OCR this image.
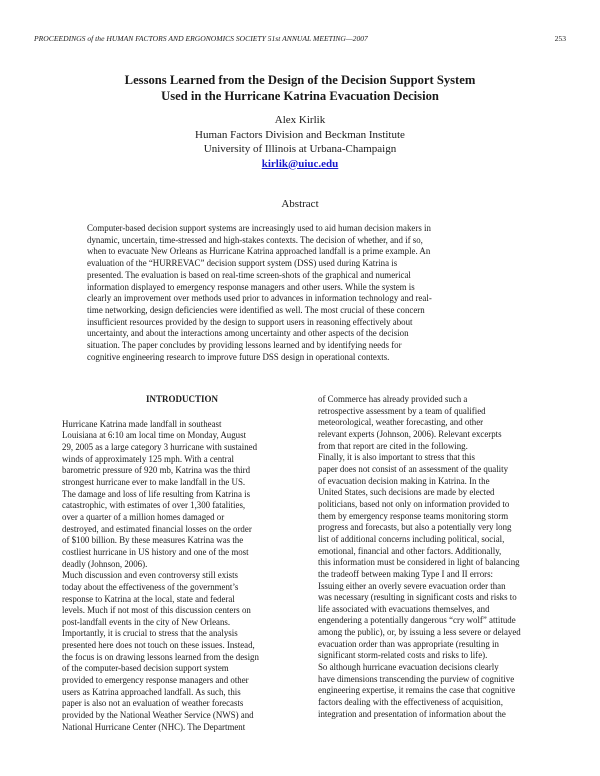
PROCEEDINGS of the HUMAN FACTORS AND ERGONOMICS SOCIETY 51st ANNUAL MEETING—2007	253
Lessons Learned from the Design of the Decision Support System
Used in the Hurricane Katrina Evacuation Decision
Alex Kirlik
Human Factors Division and Beckman Institute
University of Illinois at Urbana-Champaign
kirlik@uiuc.edu
Abstract
Computer-based decision support systems are increasingly used to aid human decision makers in
dynamic, uncertain, time-stressed and high-stakes contexts. The decision of whether, and if so,
when to evacuate New Orleans as Hurricane Katrina approached landfall is a prime example. An
evaluation of the “HURREVAC” decision support system (DSS) used during Katrina is
presented. The evaluation is based on real-time screen-shots of the graphical and numerical
information displayed to emergency response managers and other users. While the system is
clearly an improvement over methods used prior to advances in information technology and real-
time networking, design deficiencies were identified as well. The most crucial of these concern
insufficient resources provided by the design to support users in reasoning effectively about
uncertainty, and about the interactions among uncertainty and other aspects of the decision
situation. The paper concludes by providing lessons learned and by identifying needs for
cognitive engineering research to improve future DSS design in operational contexts.
INTRODUCTION
Hurricane Katrina made landfall in southeast
Louisiana at 6:10 am local time on Monday, August
29, 2005 as a large category 3 hurricane with sustained
winds of approximately 125 mph. With a central
barometric pressure of 920 mb, Katrina was the third
strongest hurricane ever to make landfall in the US.
The damage and loss of life resulting from Katrina is
catastrophic, with estimates of over 1,300 fatalities,
over a quarter of a million homes damaged or
destroyed, and estimated financial losses on the order
of $100 billion. By these measures Katrina was the
costliest hurricane in US history and one of the most
deadly (Johnson, 2006).
Much discussion and even controversy still exists
today about the effectiveness of the government’s
response to Katrina at the local, state and federal
levels. Much if not most of this discussion centers on
post-landfall events in the city of New Orleans.
Importantly, it is crucial to stress that the analysis
presented here does not touch on these issues. Instead,
the focus is on drawing lessons learned from the design
of the computer-based decision support system
provided to emergency response managers and other
users as Katrina approached landfall. As such, this
paper is also not an evaluation of weather forecasts
provided by the National Weather Service (NWS) and
National Hurricane Center (NHC). The Department
of Commerce has already provided such a
retrospective assessment by a team of qualified
meteorological, weather forecasting, and other
relevant experts (Johnson, 2006). Relevant excerpts
from that report are cited in the following.
Finally, it is also important to stress that this
paper does not consist of an assessment of the quality
of evacuation decision making in Katrina. In the
United States, such decisions are made by elected
politicians, based not only on information provided to
them by emergency response teams monitoring storm
progress and forecasts, but also a potentially very long
list of additional concerns including political, social,
emotional, financial and other factors. Additionally,
this information must be considered in light of balancing
the tradeoff between making Type I and II errors:
Issuing either an overly severe evacuation order than
was necessary (resulting in significant costs and risks to
life associated with evacuations themselves, and
engendering a potentially dangerous “cry wolf” attitude
among the public), or, by issuing a less severe or delayed
evacuation order than was appropriate (resulting in
significant storm-related costs and risks to life).
So although hurricane evacuation decisions clearly
have dimensions transcending the purview of cognitive
engineering expertise, it remains the case that cognitive
factors dealing with the effectiveness of acquisition,
integration and presentation of information about the
